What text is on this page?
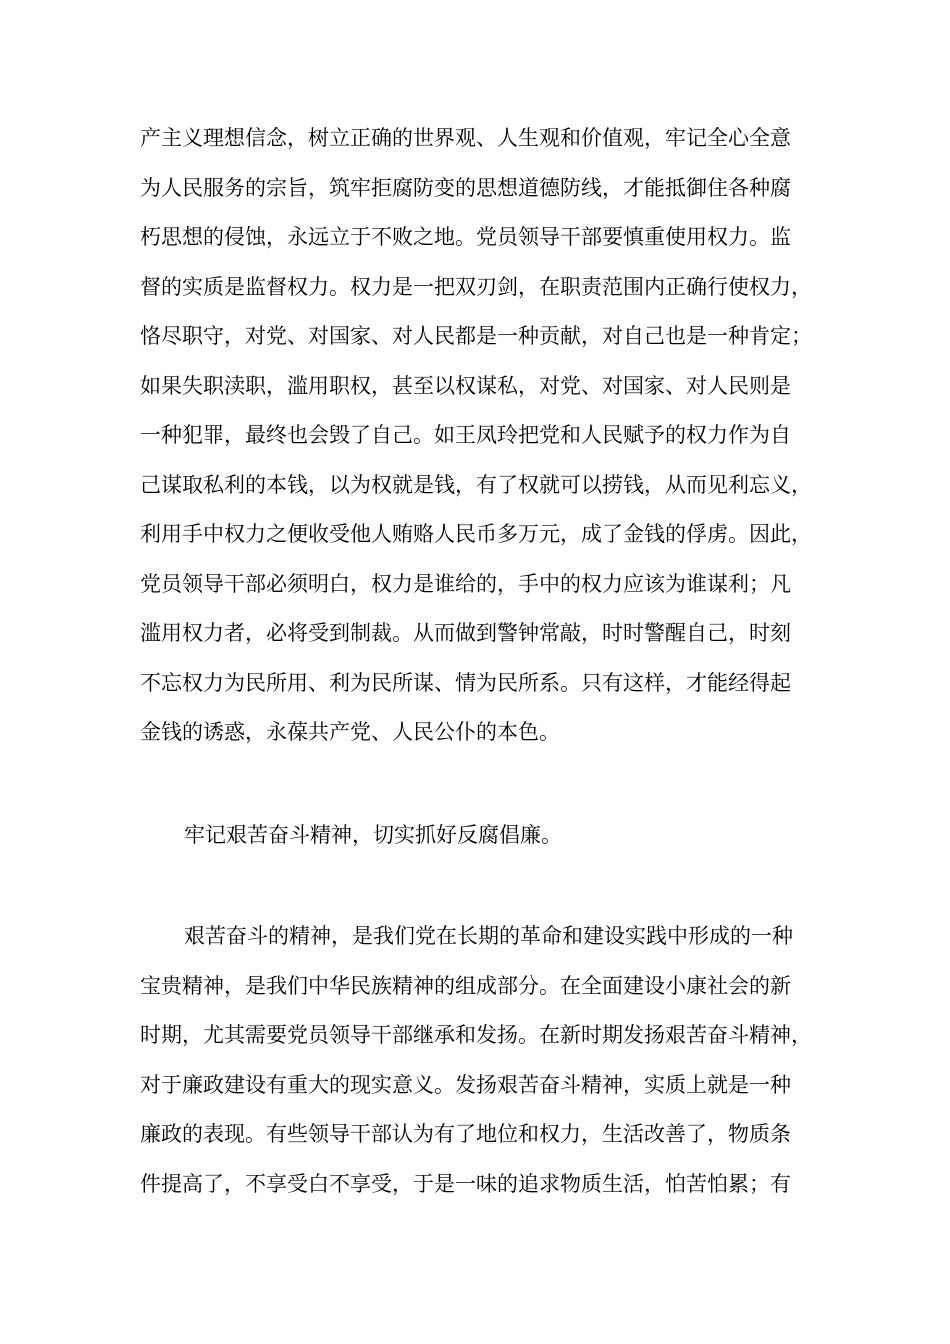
产主义理想信念，树立正确的世界观、人生观和价值观，牢记全心全意
为人民服务的宗旨，筑牢拒腐防变的思想道德防线，才能抵御住各种腐
朽思想的侵蚀，永远立于不败之地。党员领导干部要慎重使用权力。监
督的实质是监督权力。权力是一把双刃剑，在职责范围内正确行使权力，
恪尽职守，对党、对国家、对人民都是一种贡献，对自己也是一种肯定；
如果失职渎职，滥用职权，甚至以权谋私，对党、对国家、对人民则是
一种犯罪，最终也会毁了自己。如王凤玲把党和人民赋予的权力作为自
己谋取私利的本钱，以为权就是钱，有了权就可以捞钱，从而见利忘义，
利用手中权力之便收受他人贿赂人民币多万元，成了金钱的俘虏。因此，
党员领导干部必须明白，权力是谁给的，手中的权力应该为谁谋利；凡
滥用权力者，必将受到制裁。从而做到警钟常敲，时时警醒自己，时刻
不忘权力为民所用、利为民所谋、情为民所系。只有这样，才能经得起
金钱的诱惑，永葆共产党、人民公仆的本色。
牢记艰苦奋斗精神，切实抓好反腐倡廉。
艰苦奋斗的精神，是我们党在长期的革命和建设实践中形成的一种
宝贵精神，是我们中华民族精神的组成部分。在全面建设小康社会的新
时期，尤其需要党员领导干部继承和发扬。在新时期发扬艰苦奋斗精神，
对于廉政建设有重大的现实意义。发扬艰苦奋斗精神，实质上就是一种
廉政的表现。有些领导干部认为有了地位和权力，生活改善了，物质条
件提高了，不享受白不享受，于是一味的追求物质生活，怕苦怕累；有
